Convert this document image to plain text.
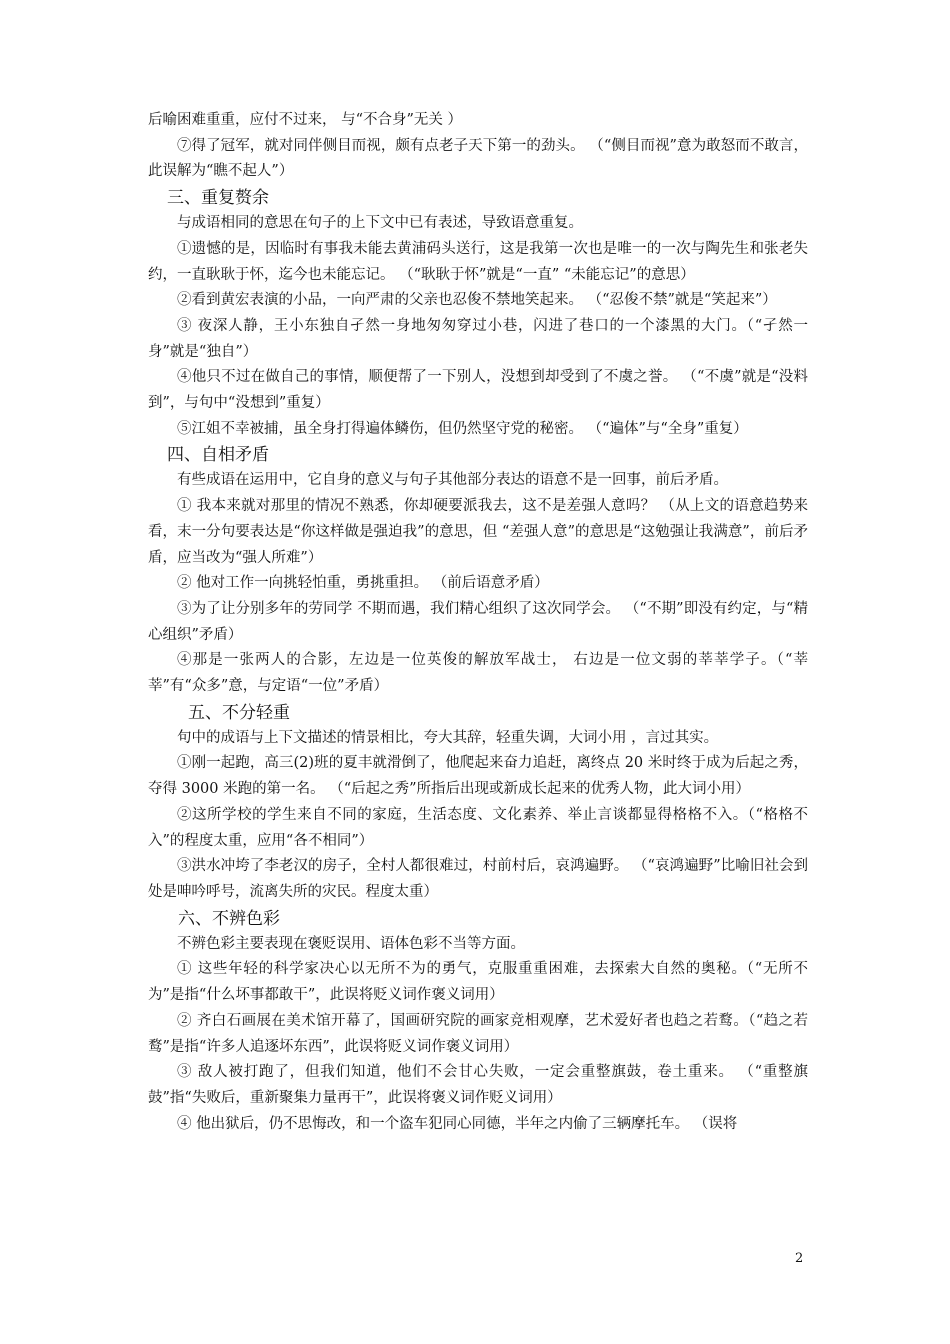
后喻困难重重，应付不过来， 与“不合身”无关 ）

⑦得了冠军，就对同伴侧目而视，颇有点老子天下第一的劲头。 （“侧目而视”意为敢怒而不敢言，此误解为“瞧不起人”）

三、重复赘余

与成语相同的意思在句子的上下文中已有表述，导致语意重复。

①遗憾的是，因临时有事我未能去黄浦码头送行，这是我第一次也是唯一的一次与陶先生和张老失约，一直耿耿于怀，迄今也未能忘记。 （“耿耿于怀”就是“一直” “未能忘记”的意思）

②看到黄宏表演的小品，一向严肃的父亲也忍俊不禁地笑起来。 （“忍俊不禁”就是“笑起来”）

③ 夜深人静，王小东独自孑然一身地匆匆穿过小巷，闪进了巷口的一个漆黑的大门。（“孑然一身”就是“独自”）

④他只不过在做自己的事情，顺便帮了一下别人，没想到却受到了不虞之誉。 （“不虞”就是“没料到”，与句中“没想到”重复）

⑤江姐不幸被捕，虽全身打得遍体鳞伤，但仍然坚守党的秘密。 （“遍体”与“全身”重复）

四、自相矛盾

有些成语在运用中，它自身的意义与句子其他部分表达的语意不是一回事，前后矛盾。

① 我本来就对那里的情况不熟悉，你却硬要派我去，这不是差强人意吗？ （从上文的语意趋势来看，末一分句要表达是“你这样做是强迫我”的意思，但 “差强人意”的意思是“这勉强让我满意”，前后矛盾，应当改为“强人所难”）

② 他对工作一向挑轻怕重，勇挑重担。 （前后语意矛盾）

③为了让分别多年的劳同学 不期而遇，我们精心组织了这次同学会。 （“不期”即没有约定，与“精心组织”矛盾）

④那是一张两人的合影，左边是一位英俊的解放军战士， 右边是一位文弱的莘莘学子。（“莘莘”有“众多”意，与定语“一位”矛盾）

五、不分轻重

句中的成语与上下文描述的情景相比，夸大其辞，轻重失调，大词小用 ，言过其实。

①刚一起跑，高三(2)班的夏丰就滑倒了，他爬起来奋力追赶，离终点 20 米时终于成为后起之秀，夺得 3000 米跑的第一名。 （“后起之秀”所指后出现或新成长起来的优秀人物，此大词小用）

②这所学校的学生来自不同的家庭，生活态度、文化素养、举止言谈都显得格格不入。（“格格不入”的程度太重，应用“各不相同”）

③洪水冲垮了李老汉的房子，全村人都很难过，村前村后，哀鸿遍野。 （“哀鸿遍野”比喻旧社会到处是呻吟呼号，流离失所的灾民。程度太重）

六、不辨色彩

不辨色彩主要表现在褒贬误用、语体色彩不当等方面。

① 这些年轻的科学家决心以无所不为的勇气，克服重重困难，去探索大自然的奥秘。（“无所不为”是指“什么坏事都敢干”，此误将贬义词作褒义词用）

② 齐白石画展在美术馆开幕了，国画研究院的画家竞相观摩，艺术爱好者也趋之若鹜。（“趋之若鹜”是指“许多人追逐坏东西”，此误将贬义词作褒义词用）

③ 敌人被打跑了，但我们知道，他们不会甘心失败，一定会重整旗鼓，卷土重来。 （“重整旗鼓”指“失败后，重新聚集力量再干”，此误将褒义词作贬义词用）

④ 他出狱后，仍不思悔改，和一个盗车犯同心同德，半年之内偷了三辆摩托车。 （误将

2
